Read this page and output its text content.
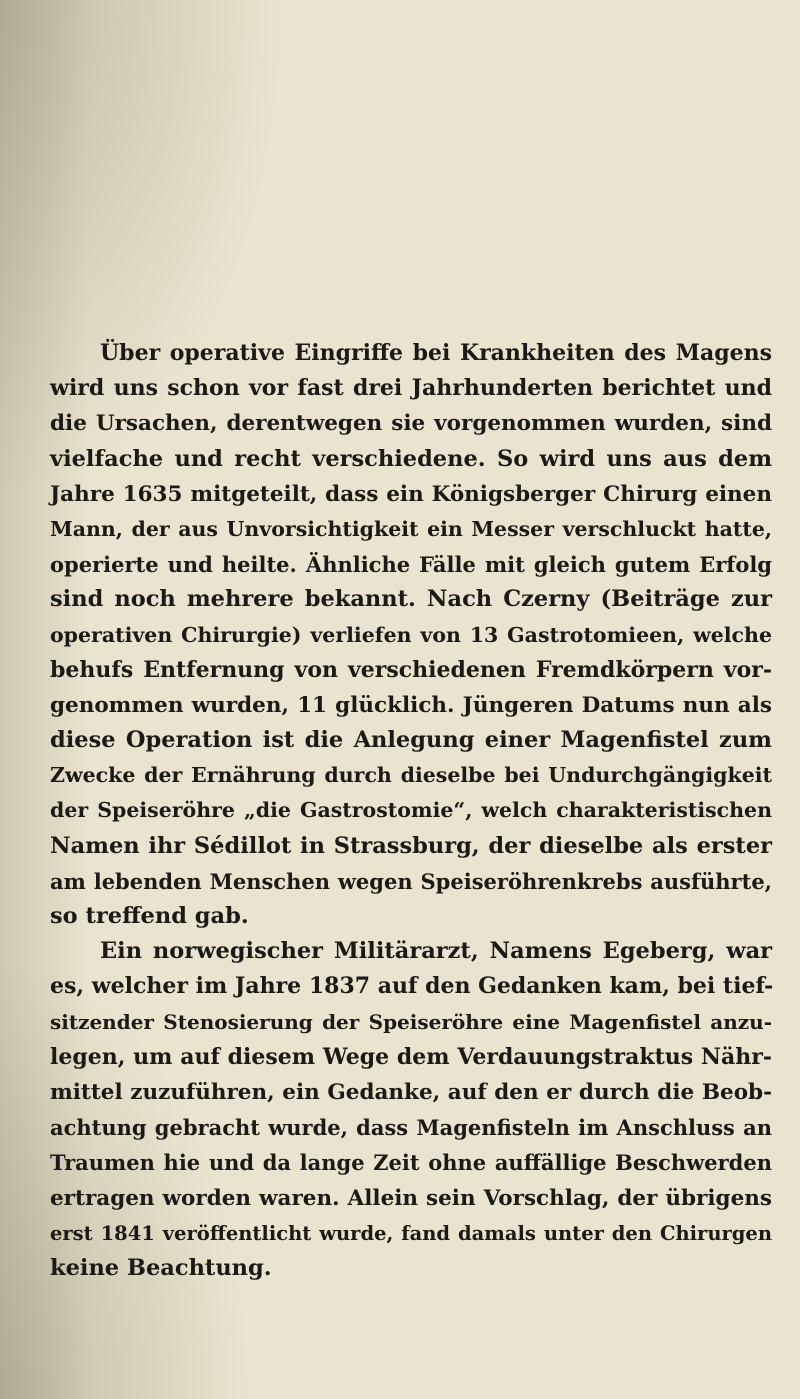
Über operative Eingriffe bei Krankheiten des Magens
wird uns schon vor fast drei Jahrhunderten berichtet und
die Ursachen, derentwegen sie vorgenommen wurden, sind
vielfache und recht verschiedene. So wird uns aus dem
Jahre 1635 mitgeteilt, dass ein Königsberger Chirurg einen
Mann, der aus Unvorsichtigkeit ein Messer verschluckt hatte,
operierte und heilte. Ähnliche Fälle mit gleich gutem Erfolg
sind noch mehrere bekannt. Nach Czerny (Beiträge zur
operativen Chirurgie) verliefen von 13 Gastrotomieen, welche
behufs Entfernung von verschiedenen Fremdkörpern vor-
genommen wurden, 11 glücklich. Jüngeren Datums nun als
diese Operation ist die Anlegung einer Magenfistel zum
Zwecke der Ernährung durch dieselbe bei Undurchgängigkeit
der Speiseröhre „die Gastrostomie“, welch charakteristischen
Namen ihr Sédillot in Strassburg, der dieselbe als erster
am lebenden Menschen wegen Speiseröhrenkrebs ausführte,
so treffend gab.
Ein norwegischer Militärarzt, Namens Egeberg, war
es, welcher im Jahre 1837 auf den Gedanken kam, bei tief-
sitzender Stenosierung der Speiseröhre eine Magenfistel anzu-
legen, um auf diesem Wege dem Verdauungstraktus Nähr-
mittel zuzuführen, ein Gedanke, auf den er durch die Beob-
achtung gebracht wurde, dass Magenfisteln im Anschluss an
Traumen hie und da lange Zeit ohne auffällige Beschwerden
ertragen worden waren. Allein sein Vorschlag, der übrigens
erst 1841 veröffentlicht wurde, fand damals unter den Chirurgen
keine Beachtung.
